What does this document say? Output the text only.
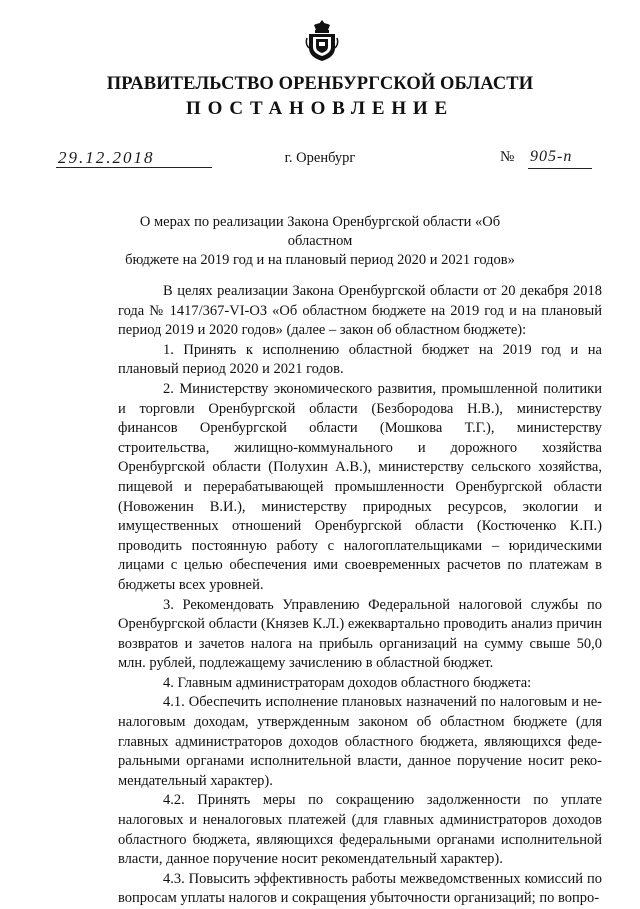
ПРАВИТЕЛЬСТВО ОРЕНБУРГСКОЙ ОБЛАСТИ
ПОСТАНОВЛЕНИЕ
29.12.2018	г. Оренбург	№ 905-п
О мерах по реализации Закона Оренбургской области «Об областном
бюджете на 2019 год и на плановый период 2020 и 2021 годов»

В целях реализации Закона Оренбургской области от 20 декабря 2018 года № 1417/367-VI-ОЗ «Об областном бюджете на 2019 год и на плановый период 2019 и 2020 годов» (далее – закон об областном бюджете):

1. Принять к исполнению областной бюджет на 2019 год и на плановый период 2020 и 2021 годов.

2. Министерству экономического развития, промышленной политики и торговли Оренбургской области (Безбородова Н.В.), министерству финансов Оренбургской области (Мошкова Т.Г.), министерству строительства, жилищно-коммунального и дорожного хозяйства Оренбургской области (Полухин А.В.), министерству сельского хозяйства, пищевой и перерабатывающей промышленности Оренбургской области (Новоженин В.И.), министерству природных ресурсов, экологии и имущественных отношений Оренбургской области (Костюченко К.П.) проводить постоянную работу с налогоплательщиками – юридическими лицами с целью обеспечения ими своевременных расчетов по платежам в бюджеты всех уровней.

3. Рекомендовать Управлению Федеральной налоговой службы по Оренбургской области (Князев К.Л.) ежеквартально проводить анализ причин возвратов и зачетов налога на прибыль организаций на сумму свыше 50,0 млн. рублей, подлежащему зачислению в областной бюджет.

4. Главным администраторам доходов областного бюджета:

4.1. Обеспечить исполнение плановых назначений по налоговым и неналоговым доходам, утвержденным законом об областном бюджете (для главных администраторов доходов областного бюджета, являющихся федеральными органами исполнительной власти, данное поручение носит рекомендательный характер).

4.2. Принять меры по сокращению задолженности по уплате налоговых и неналоговых платежей (для главных администраторов доходов областного бюджета, являющихся федеральными органами исполнительной власти, данное поручение носит рекомендательный характер).

4.3. Повысить эффективность работы межведомственных комиссий по вопросам уплаты налогов и сокращения убыточности организаций; по вопро-
